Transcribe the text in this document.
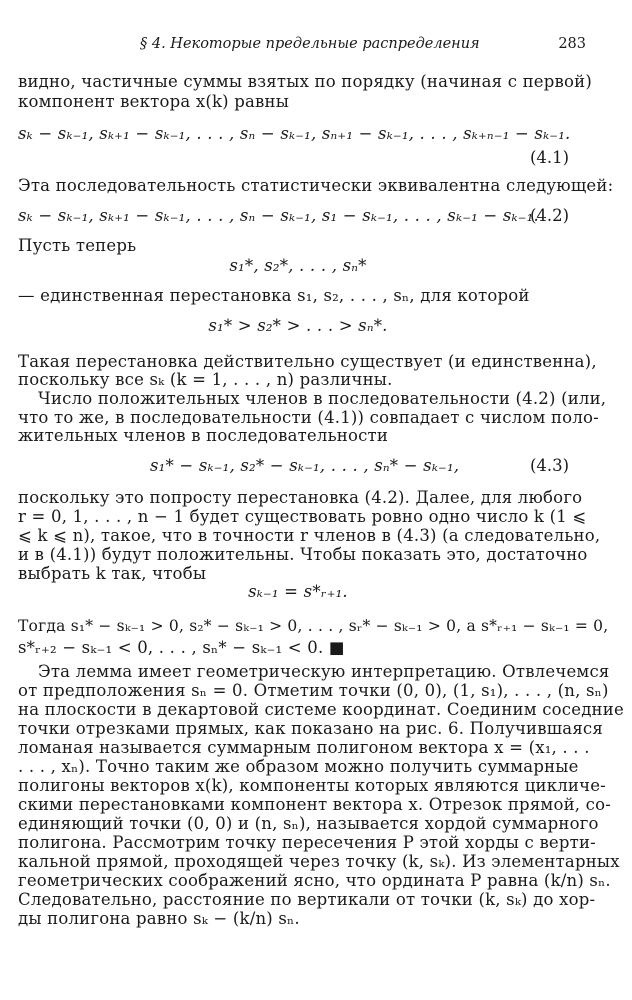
§ 4. Некоторые предельные распределения	283
видно, частичные суммы взятых по порядку (начиная с первой)
компонент вектора x(k) равны
sₖ − sₖ₋₁, sₖ₊₁ − sₖ₋₁, . . . , sₙ − sₖ₋₁, sₙ₊₁ − sₖ₋₁, . . . , sₖ₊ₙ₋₁ − sₖ₋₁.
(4.1)
Эта последовательность статистически эквивалентна следующей:
sₖ − sₖ₋₁, sₖ₊₁ − sₖ₋₁, . . . , sₙ − sₖ₋₁, s₁ − sₖ₋₁, . . . , sₖ₋₁ − sₖ₋₁.
(4.2)
Пусть теперь
s₁*, s₂*, . . . , sₙ*
— единственная перестановка s₁, s₂, . . . , sₙ, для которой
s₁* > s₂* > . . . > sₙ*.
Такая перестановка действительно существует (и единственна),
поскольку все sₖ (k = 1, . . . , n) различны.
Число положительных членов в последовательности (4.2) (или,
что то же, в последовательности (4.1)) совпадает с числом поло-
жительных членов в последовательности
s₁* − sₖ₋₁, s₂* − sₖ₋₁, . . . , sₙ* − sₖ₋₁,	(4.3)
поскольку это попросту перестановка (4.2). Далее, для любого
r = 0, 1, . . . , n − 1 будет существовать ровно одно число k (1 ⩽
⩽ k ⩽ n), такое, что в точности r членов в (4.3) (а следовательно,
и в (4.1)) будут положительны. Чтобы показать это, достаточно
выбрать k так, чтобы
sₖ₋₁ = s*ᵣ₊₁.
Тогда s₁* − sₖ₋₁ > 0, s₂* − sₖ₋₁ > 0, . . . , sᵣ* − sₖ₋₁ > 0, а s*ᵣ₊₁ − sₖ₋₁ = 0,
s*ᵣ₊₂ − sₖ₋₁ < 0, . . . , sₙ* − sₖ₋₁ < 0. ■
Эта лемма имеет геометрическую интерпретацию. Отвлечемся
от предположения sₙ = 0. Отметим точки (0, 0), (1, s₁), . . . , (n, sₙ)
на плоскости в декартовой системе координат. Соединим соседние
точки отрезками прямых, как показано на рис. 6. Получившаяся
ломаная называется суммарным полигоном вектора x = (x₁, . . .
. . . , xₙ). Точно таким же образом можно получить суммарные
полигоны векторов x(k), компоненты которых являются цикличе-
скими перестановками компонент вектора x. Отрезок прямой, со-
единяющий точки (0, 0) и (n, sₙ), называется хордой суммарного
полигона. Рассмотрим точку пересечения P этой хорды с верти-
кальной прямой, проходящей через точку (k, sₖ). Из элементарных
геометрических соображений ясно, что ордината P равна (k/n) sₙ.
Следовательно, расстояние по вертикали от точки (k, sₖ) до хор-
ды полигона равно sₖ − (k/n) sₙ.
